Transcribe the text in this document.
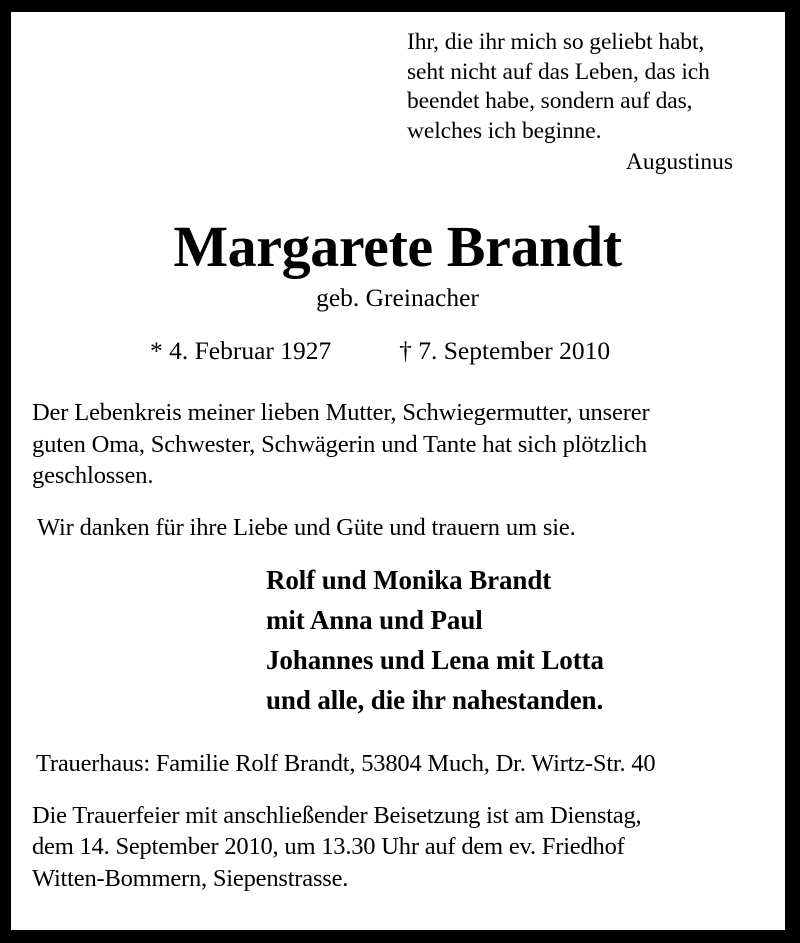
Ihr, die ihr mich so geliebt habt,
seht nicht auf das Leben, das ich
beendet habe, sondern auf das,
welches ich beginne.
Augustinus
Margarete Brandt
geb. Greinacher
* 4. Februar 1927	† 7. September 2010
Der Lebenkreis meiner lieben Mutter, Schwiegermutter, unserer
guten Oma, Schwester, Schwägerin und Tante hat sich plötzlich
geschlossen.
Wir danken für ihre Liebe und Güte und trauern um sie.
Rolf und Monika Brandt
mit Anna und Paul
Johannes und Lena mit Lotta
und alle, die ihr nahestanden.
Trauerhaus: Familie Rolf Brandt, 53804 Much, Dr. Wirtz-Str. 40
Die Trauerfeier mit anschließender Beisetzung ist am Dienstag,
dem 14. September 2010, um 13.30 Uhr auf dem ev. Friedhof
Witten-Bommern, Siepenstrasse.
